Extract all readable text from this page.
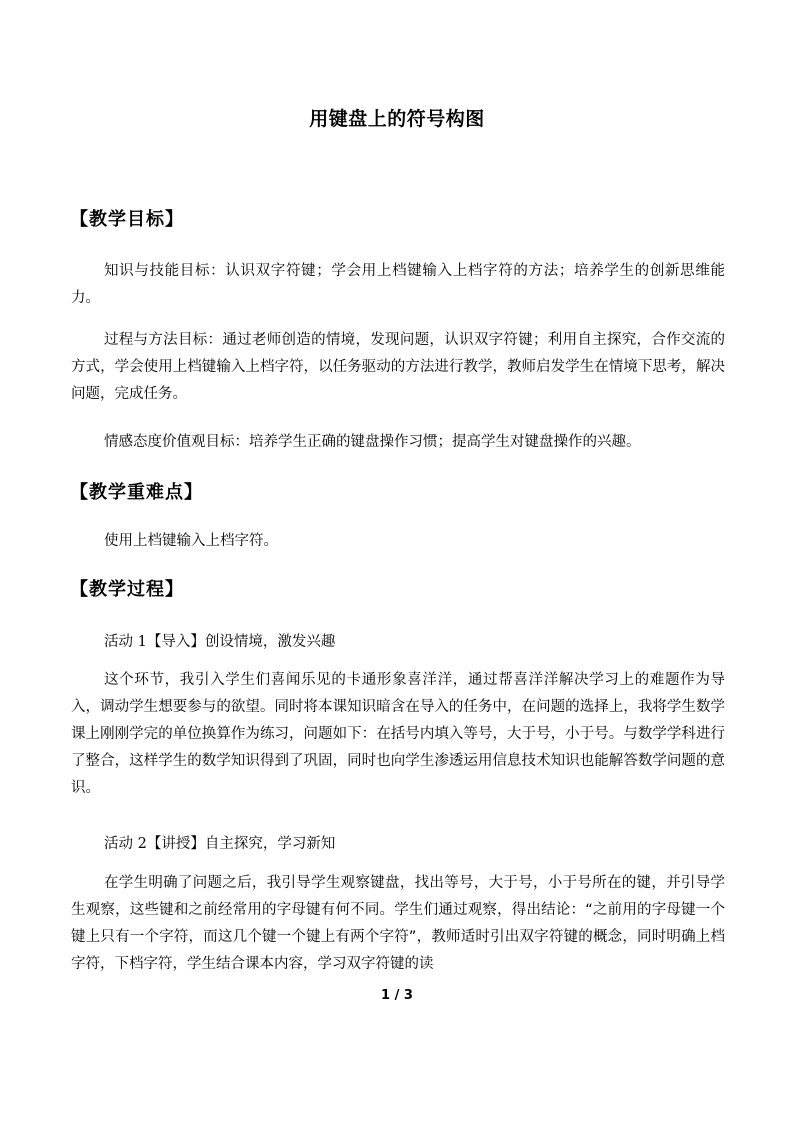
用键盘上的符号构图
【教学目标】
知识与技能目标：认识双字符键；学会用上档键输入上档字符的方法；培养学生的创新思维能力。
过程与方法目标：通过老师创造的情境，发现问题，认识双字符键；利用自主探究，合作交流的方式，学会使用上档键输入上档字符，以任务驱动的方法进行教学，教师启发学生在情境下思考，解决问题，完成任务。
情感态度价值观目标：培养学生正确的键盘操作习惯；提高学生对键盘操作的兴趣。
【教学重难点】
使用上档键输入上档字符。
【教学过程】
活动 1【导入】创设情境，激发兴趣
这个环节，我引入学生们喜闻乐见的卡通形象喜洋洋，通过帮喜洋洋解决学习上的难题作为导入，调动学生想要参与的欲望。同时将本课知识暗含在导入的任务中，在问题的选择上，我将学生数学课上刚刚学完的单位换算作为练习，问题如下：在括号内填入等号，大于号，小于号。与数学学科进行了整合，这样学生的数学知识得到了巩固，同时也向学生渗透运用信息技术知识也能解答数学问题的意识。
活动 2【讲授】自主探究，学习新知
在学生明确了问题之后，我引导学生观察键盘，找出等号，大于号，小于号所在的键，并引导学生观察，这些键和之前经常用的字母键有何不同。学生们通过观察，得出结论：“之前用的字母键一个键上只有一个字符，而这几个键一个键上有两个字符”，教师适时引出双字符键的概念，同时明确上档字符，下档字符，学生结合课本内容，学习双字符键的读
1 / 3
